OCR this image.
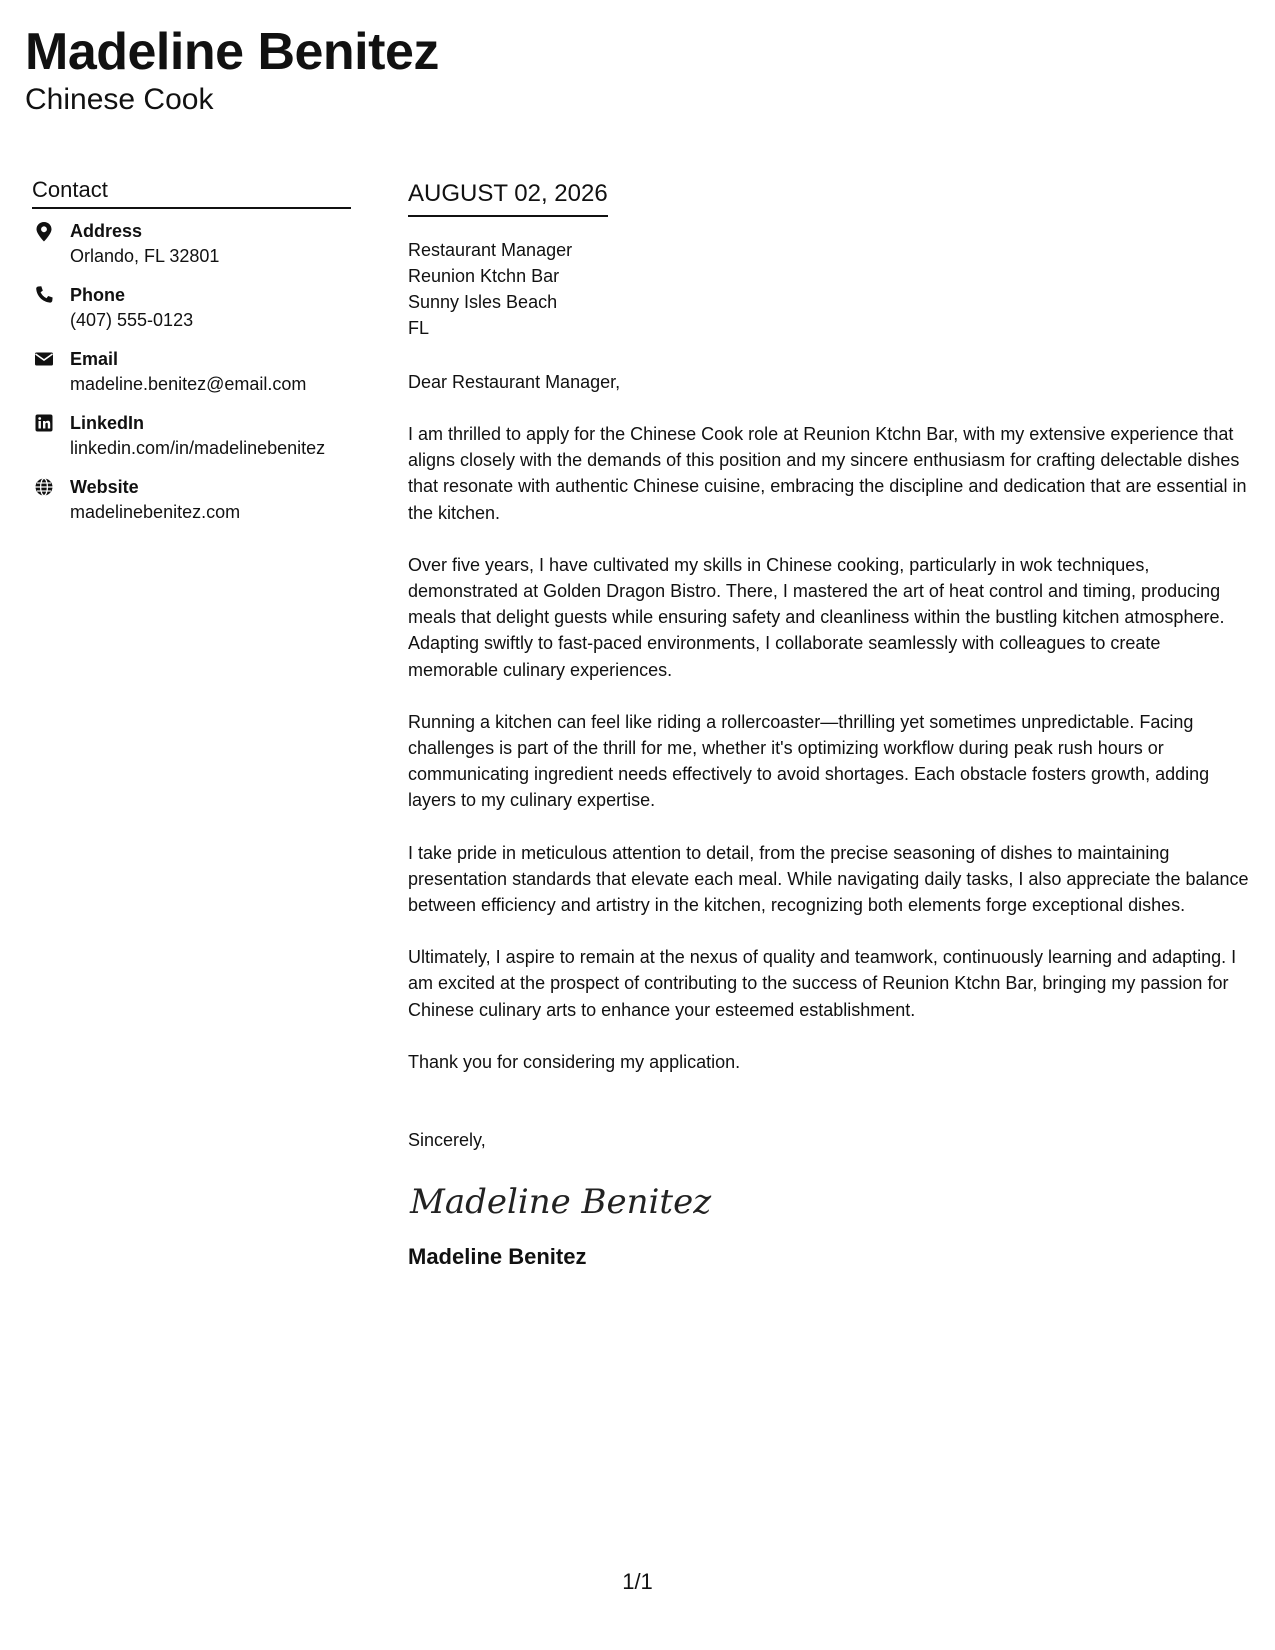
Madeline Benitez
Chinese Cook
Contact
Address
Orlando, FL 32801
Phone
(407) 555-0123
Email
madeline.benitez@email.com
LinkedIn
linkedin.com/in/madelinebenitez
Website
madelinebenitez.com
AUGUST 02, 2026
Restaurant Manager
Reunion Ktchn Bar
Sunny Isles Beach
FL
Dear Restaurant Manager,
I am thrilled to apply for the Chinese Cook role at Reunion Ktchn Bar, with my extensive experience that aligns closely with the demands of this position and my sincere enthusiasm for crafting delectable dishes that resonate with authentic Chinese cuisine, embracing the discipline and dedication that are essential in the kitchen.
Over five years, I have cultivated my skills in Chinese cooking, particularly in wok techniques, demonstrated at Golden Dragon Bistro. There, I mastered the art of heat control and timing, producing meals that delight guests while ensuring safety and cleanliness within the bustling kitchen atmosphere. Adapting swiftly to fast-paced environments, I collaborate seamlessly with colleagues to create memorable culinary experiences.
Running a kitchen can feel like riding a rollercoaster—thrilling yet sometimes unpredictable. Facing challenges is part of the thrill for me, whether it's optimizing workflow during peak rush hours or communicating ingredient needs effectively to avoid shortages. Each obstacle fosters growth, adding layers to my culinary expertise.
I take pride in meticulous attention to detail, from the precise seasoning of dishes to maintaining presentation standards that elevate each meal. While navigating daily tasks, I also appreciate the balance between efficiency and artistry in the kitchen, recognizing both elements forge exceptional dishes.
Ultimately, I aspire to remain at the nexus of quality and teamwork, continuously learning and adapting. I am excited at the prospect of contributing to the success of Reunion Ktchn Bar, bringing my passion for Chinese culinary arts to enhance your esteemed establishment.
Thank you for considering my application.
Sincerely,
Madeline Benitez
Madeline Benitez
1/1
